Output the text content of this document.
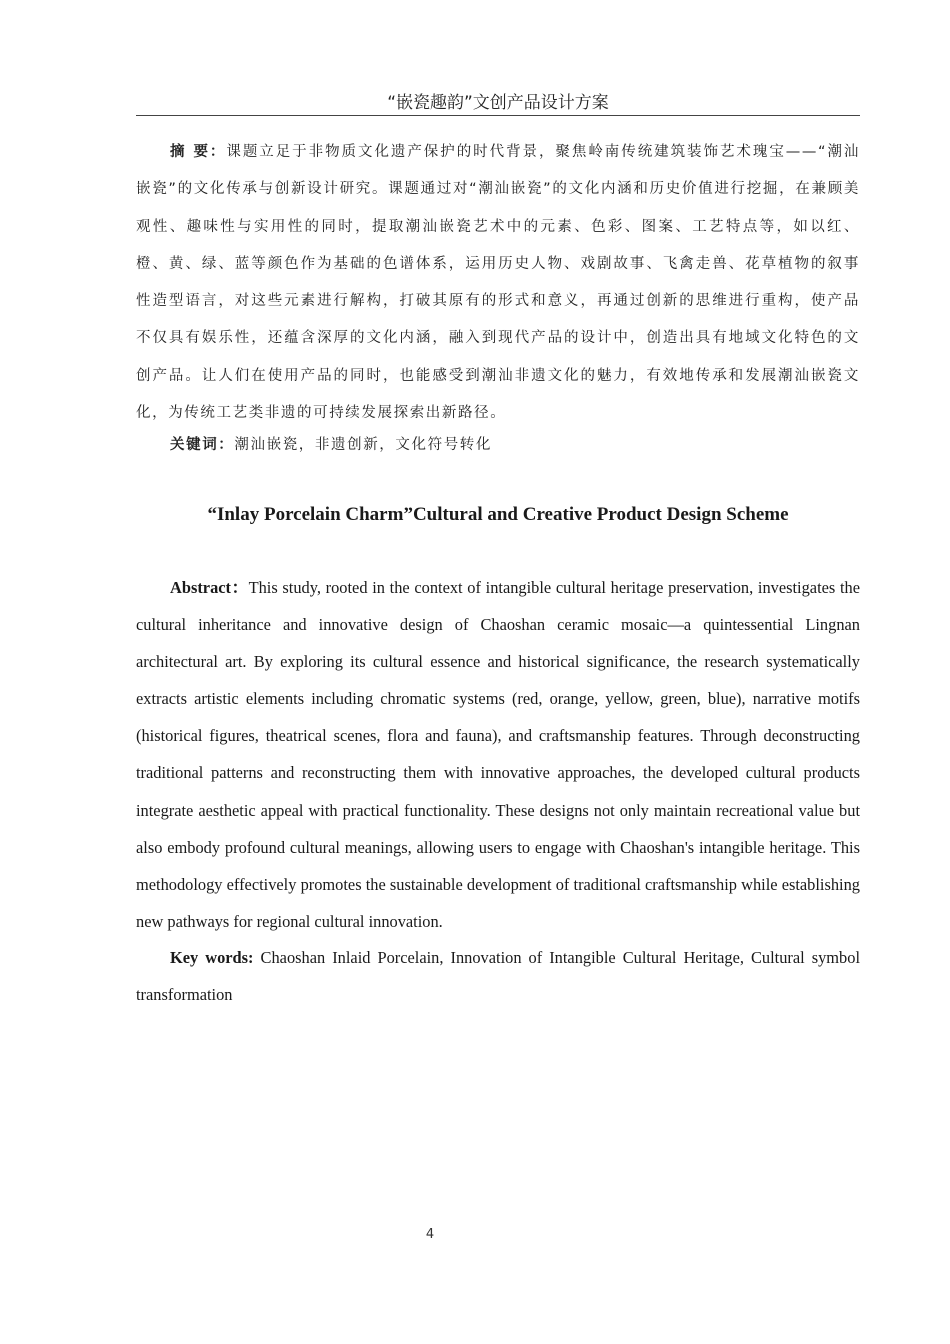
“嵌瓷趣韵”文创产品设计方案

摘 要：课题立足于非物质文化遗产保护的时代背景，聚焦岭南传统建筑装饰艺术瑰宝——“潮汕嵌瓷”的文化传承与创新设计研究。课题通过对“潮汕嵌瓷”的文化内涵和历史价值进行挖掘，在兼顾美观性、趣味性与实用性的同时，提取潮汕嵌瓷艺术中的元素、色彩、图案、工艺特点等，如以红、橙、黄、绿、蓝等颜色作为基础的色谱体系，运用历史人物、戏剧故事、飞禽走兽、花草植物的叙事性造型语言，对这些元素进行解构，打破其原有的形式和意义，再通过创新的思维进行重构，使产品不仅具有娱乐性，还蕴含深厚的文化内涵，融入到现代产品的设计中，创造出具有地域文化特色的文创产品。让人们在使用产品的同时，也能感受到潮汕非遗文化的魅力，有效地传承和发展潮汕嵌瓷文化，为传统工艺类非遗的可持续发展探索出新路径。

关键词：潮汕嵌瓷，非遗创新，文化符号转化

“Inlay Porcelain Charm”Cultural and Creative Product Design Scheme

Abstract：This study, rooted in the context of intangible cultural heritage preservation, investigates the cultural inheritance and innovative design of Chaoshan ceramic mosaic—a quintessential Lingnan architectural art. By exploring its cultural essence and historical significance, the research systematically extracts artistic elements including chromatic systems (red, orange, yellow, green, blue), narrative motifs (historical figures, theatrical scenes, flora and fauna), and craftsmanship features. Through deconstructing traditional patterns and reconstructing them with innovative approaches, the developed cultural products integrate aesthetic appeal with practical functionality. These designs not only maintain recreational value but also embody profound cultural meanings, allowing users to engage with Chaoshan's intangible heritage. This methodology effectively promotes the sustainable development of traditional craftsmanship while establishing new pathways for regional cultural innovation.

Key words: Chaoshan Inlaid Porcelain, Innovation of Intangible Cultural Heritage, Cultural symbol transformation

4
